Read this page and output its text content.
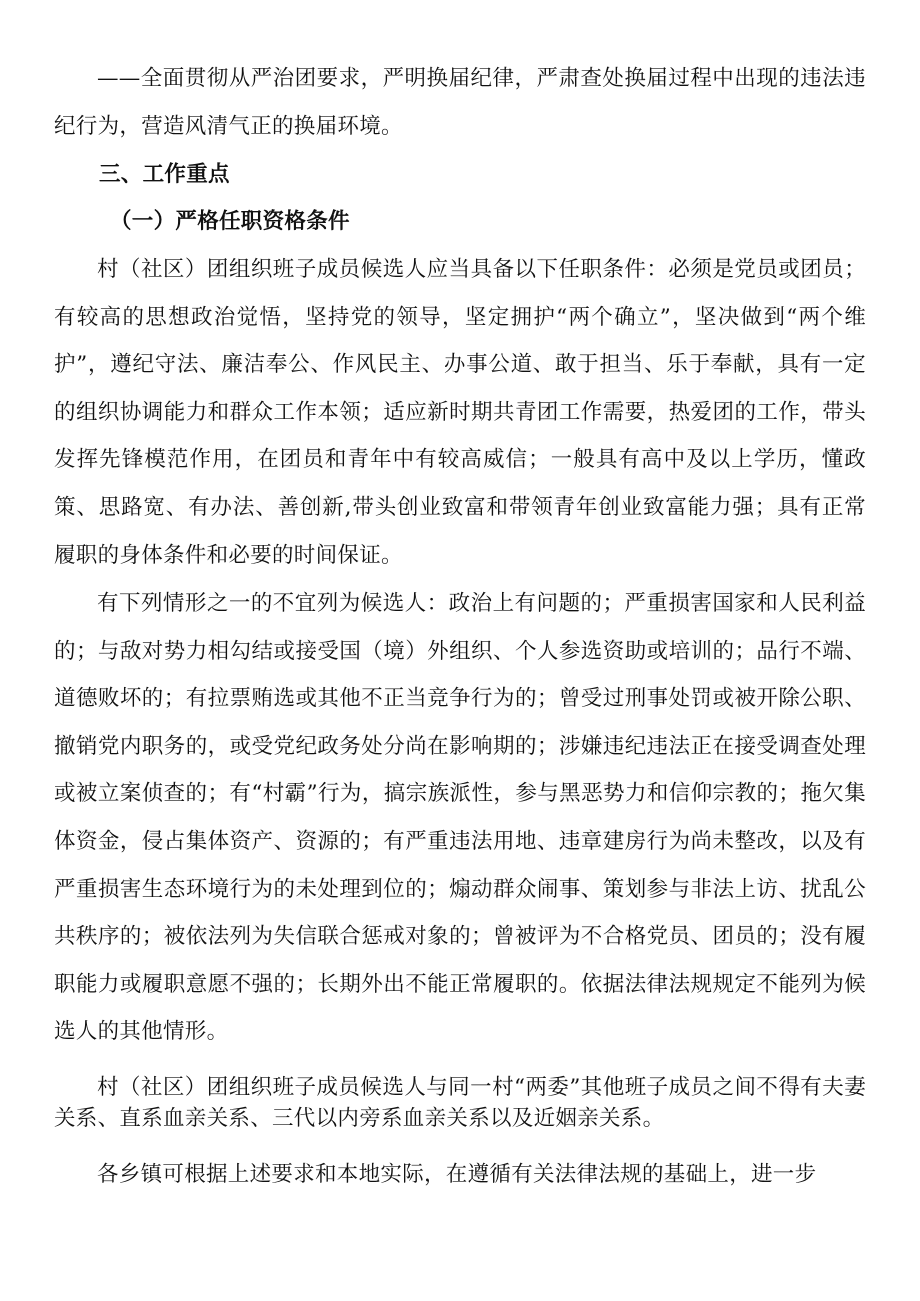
——全面贯彻从严治团要求，严明换届纪律，严肃查处换届过程中出现的违法违纪行为，营造风清气正的换届环境。

三、工作重点

（一）严格任职资格条件

村（社区）团组织班子成员候选人应当具备以下任职条件：必须是党员或团员；有较高的思想政治觉悟，坚持党的领导，坚定拥护“两个确立”，坚决做到“两个维护”，遵纪守法、廉洁奉公、作风民主、办事公道、敢于担当、乐于奉献，具有一定的组织协调能力和群众工作本领；适应新时期共青团工作需要，热爱团的工作，带头发挥先锋模范作用，在团员和青年中有较高威信；一般具有高中及以上学历，懂政策、思路宽、有办法、善创新,带头创业致富和带领青年创业致富能力强；具有正常履职的身体条件和必要的时间保证。

有下列情形之一的不宜列为候选人：政治上有问题的；严重损害国家和人民利益的；与敌对势力相勾结或接受国（境）外组织、个人参选资助或培训的；品行不端、道德败坏的；有拉票贿选或其他不正当竞争行为的；曾受过刑事处罚或被开除公职、撤销党内职务的，或受党纪政务处分尚在影响期的；涉嫌违纪违法正在接受调查处理或被立案侦查的；有“村霸”行为，搞宗族派性，参与黑恶势力和信仰宗教的；拖欠集体资金，侵占集体资产、资源的；有严重违法用地、违章建房行为尚未整改，以及有严重损害生态环境行为的未处理到位的；煽动群众闹事、策划参与非法上访、扰乱公共秩序的；被依法列为失信联合惩戒对象的；曾被评为不合格党员、团员的；没有履职能力或履职意愿不强的；长期外出不能正常履职的。依据法律法规规定不能列为候选人的其他情形。

村（社区）团组织班子成员候选人与同一村“两委”其他班子成员之间不得有夫妻关系、直系血亲关系、三代以内旁系血亲关系以及近姻亲关系。

各乡镇可根据上述要求和本地实际，在遵循有关法律法规的基础上，进一步
